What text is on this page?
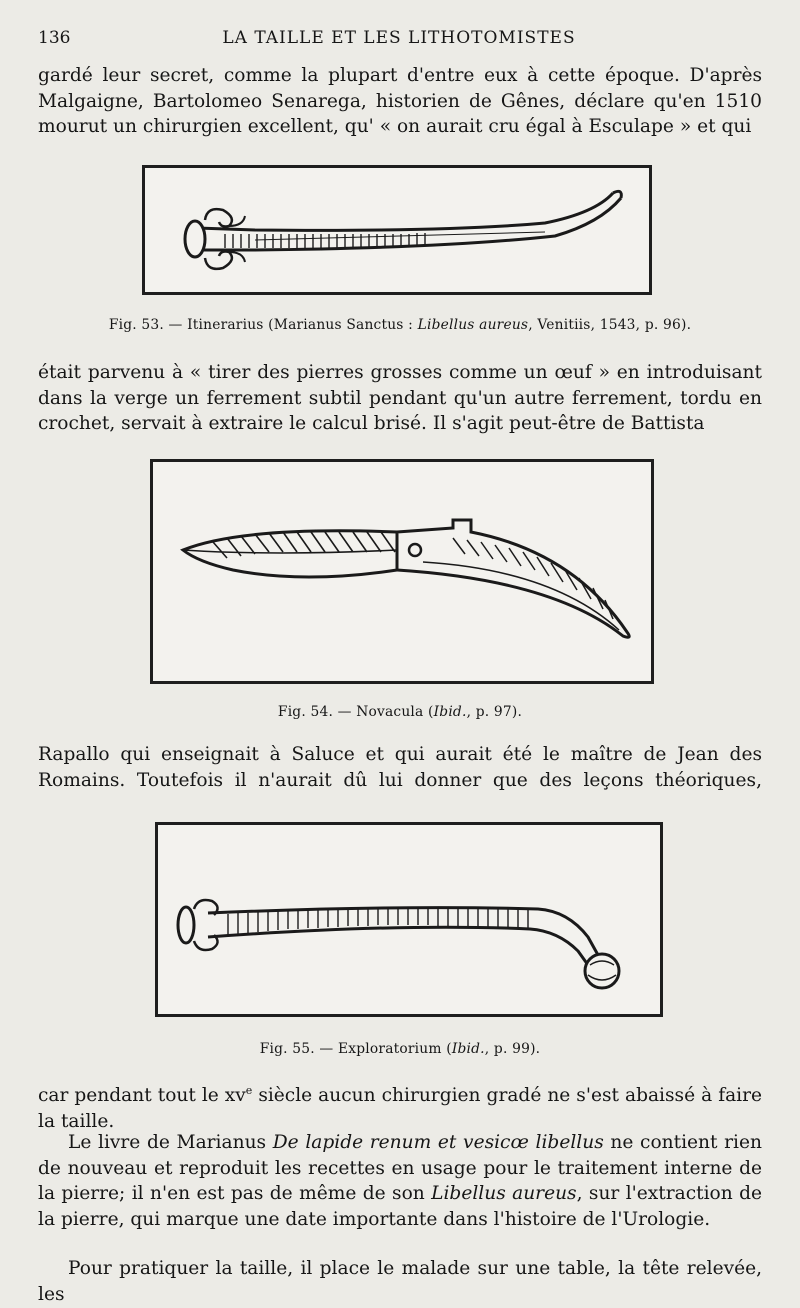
136	LA TAILLE ET LES LITHOTOMISTES

gardé leur secret, comme la plupart d'entre eux à cette époque. D'après Malgaigne, Bartolomeo Senarega, historien de Gênes, déclare qu'en 1510 mourut un chirurgien excellent, qu' « on aurait cru égal à Esculape » et qui

Fig. 53. — Itinerarius (Marianus Sanctus : Libellus aureus, Venitiis, 1543, p. 96).

était parvenu à « tirer des pierres grosses comme un œuf » en introduisant dans la verge un ferrement subtil pendant qu'un autre ferrement, tordu en crochet, servait à extraire le calcul brisé. Il s'agit peut-être de Battista

Fig. 54. — Novacula (Ibid., p. 97).

Rapallo qui enseignait à Saluce et qui aurait été le maître de Jean des Romains. Toutefois il n'aurait dû lui donner que des leçons théoriques,

Fig. 55. — Exploratorium (Ibid., p. 99).

car pendant tout le $xv^e$ siècle aucun chirurgien gradé ne s'est abaissé à faire la taille.

Le livre de Marianus De lapide renum et vesicœ libellus ne contient rien de nouveau et reproduit les recettes en usage pour le traitement interne de la pierre; il n'en est pas de même de son Libellus aureus, sur l'extraction de la pierre, qui marque une date importante dans l'histoire de l'Urologie.

Pour pratiquer la taille, il place le malade sur une table, la tête relevée, les
